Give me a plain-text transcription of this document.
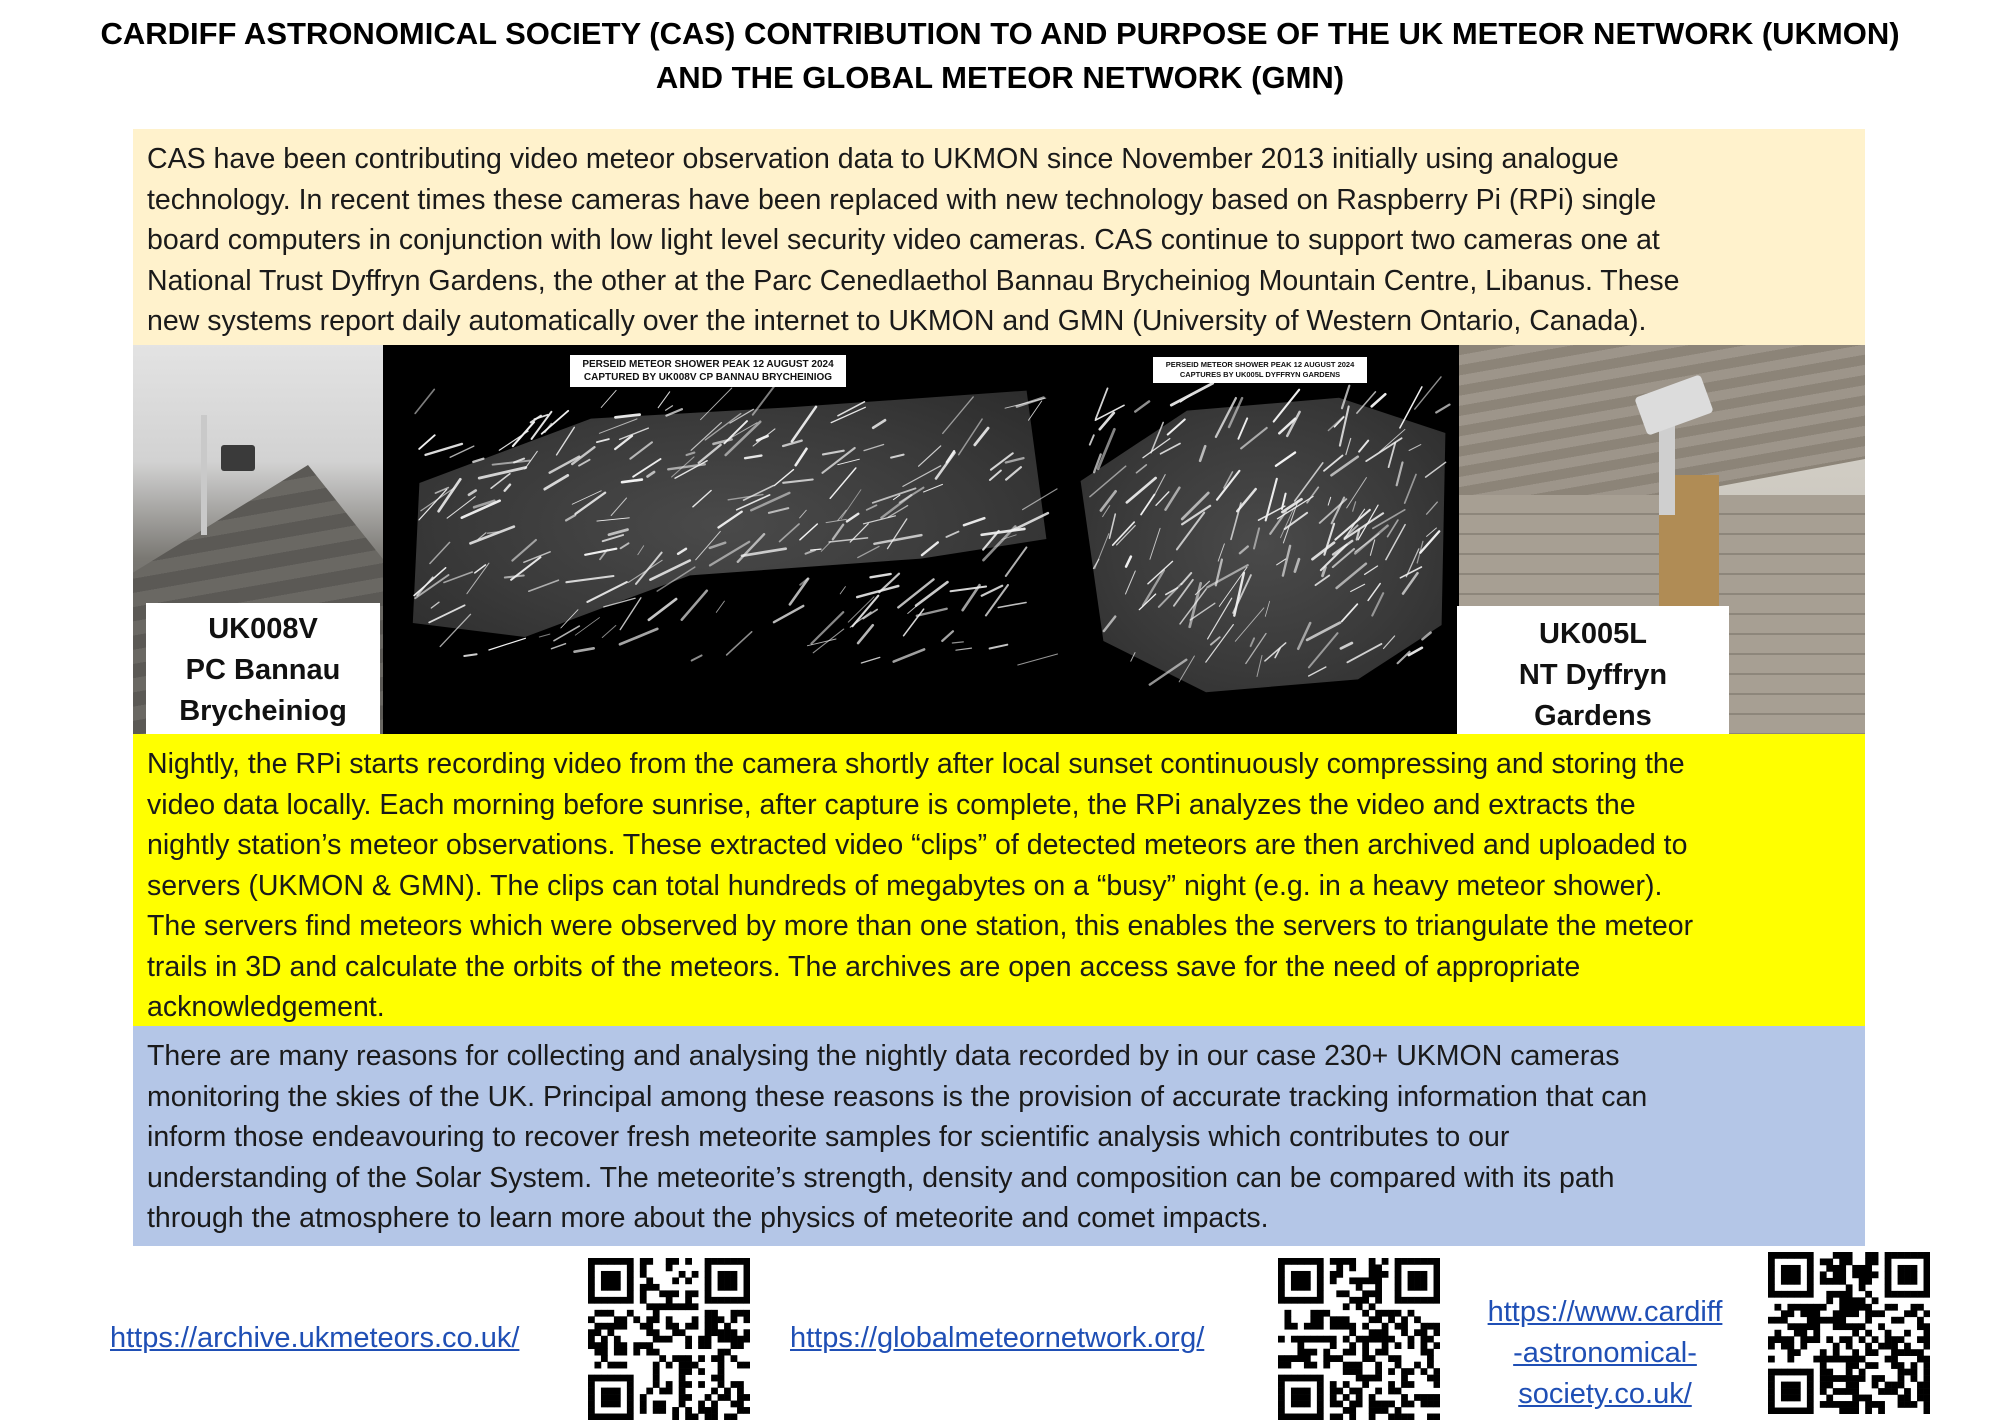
CARDIFF ASTRONOMICAL SOCIETY (CAS) CONTRIBUTION TO AND PURPOSE OF THE UK METEOR NETWORK (UKMON)
AND THE GLOBAL METEOR NETWORK (GMN)
CAS have been contributing video meteor observation data to UKMON since November 2013 initially using analogue
technology. In recent times these cameras have been replaced with new technology based on Raspberry Pi (RPi) single
board computers in conjunction with low light level security video cameras. CAS continue to support two cameras one at
National Trust Dyffryn Gardens, the other at the Parc Cenedlaethol Bannau Brycheiniog Mountain Centre, Libanus. These
new systems report daily automatically over the internet to UKMON and GMN (University of Western Ontario, Canada).
PERSEID METEOR SHOWER PEAK 12 AUGUST 2024
CAPTURED BY UK008V CP BANNAU BRYCHEINIOG
PERSEID METEOR SHOWER PEAK 12 AUGUST 2024
CAPTURES BY UK005L DYFFRYN GARDENS
UK008V
PC Bannau
Brycheiniog
UK005L
NT Dyffryn
Gardens
Nightly, the RPi starts recording video from the camera shortly after local sunset continuously compressing and storing the
video data locally. Each morning before sunrise, after capture is complete, the RPi analyzes the video and extracts the
nightly station’s meteor observations. These extracted video “clips” of detected meteors are then archived and uploaded to
servers (UKMON & GMN). The clips can total hundreds of megabytes on a “busy” night (e.g. in a heavy meteor shower).
The servers find meteors which were observed by more than one station, this enables the servers to triangulate the meteor
trails in 3D and calculate the orbits of the meteors. The archives are open access save for the need of appropriate
acknowledgement.
There are many reasons for collecting and analysing the nightly data recorded by in our case 230+ UKMON cameras
monitoring the skies of the UK. Principal among these reasons is the provision of accurate tracking information that can
inform those endeavouring to recover fresh meteorite samples for scientific analysis which contributes to our
understanding of the Solar System. The meteorite’s strength, density and composition can be compared with its path
through the atmosphere to learn more about the physics of meteorite and comet impacts.
https://archive.ukmeteors.co.uk/	https://globalmeteornetwork.org/
https://www.cardiff
-astronomical-
society.co.uk/
